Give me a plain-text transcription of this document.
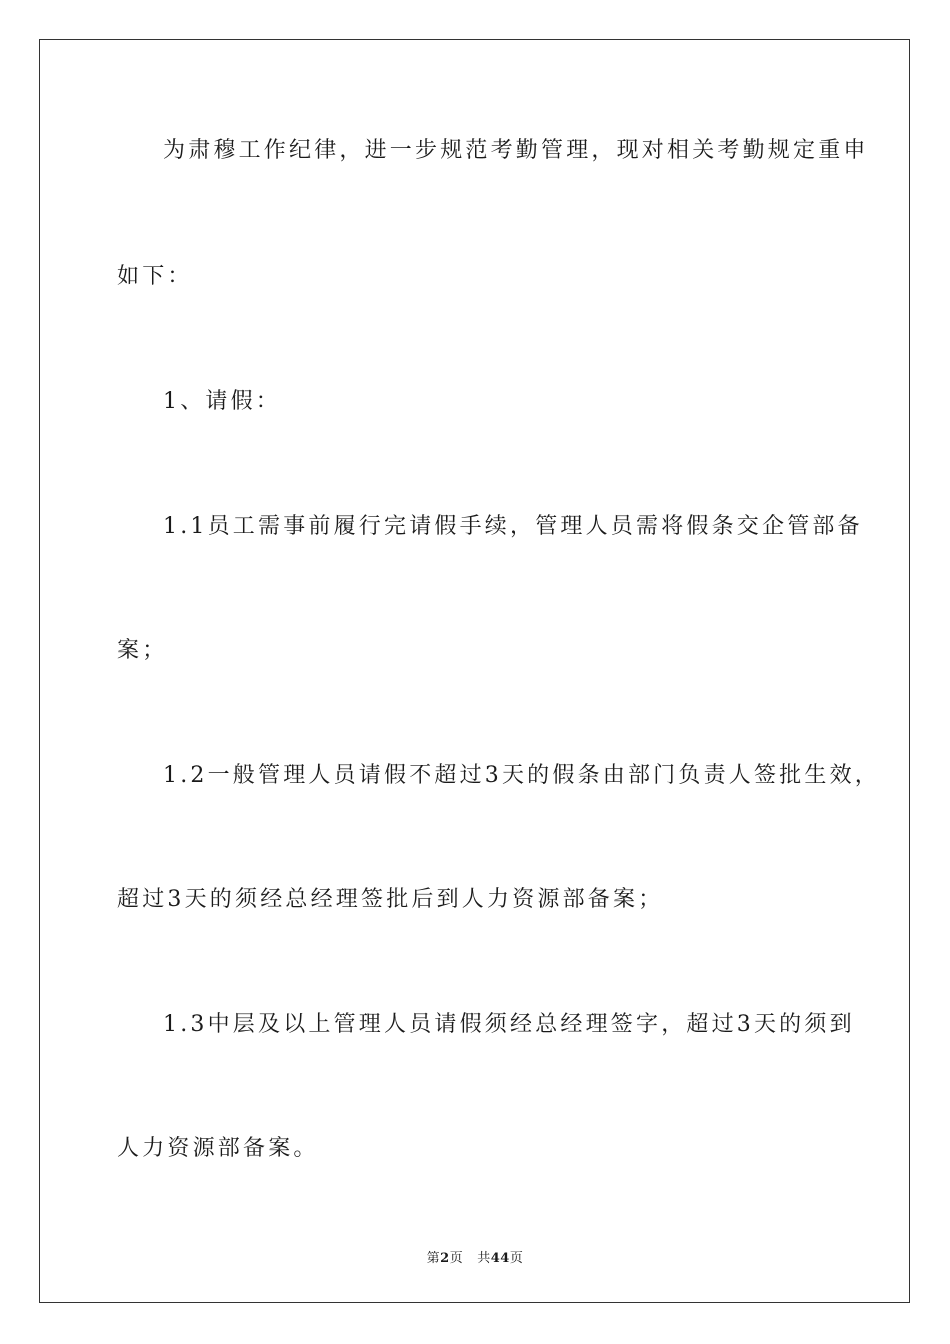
为肃穆工作纪律，进一步规范考勤管理，现对相关考勤规定重申
如下：
1、请假：
1.1员工需事前履行完请假手续，管理人员需将假条交企管部备
案；
1.2一般管理人员请假不超过3天的假条由部门负责人签批生效，
超过3天的须经总经理签批后到人力资源部备案；
1.3中层及以上管理人员请假须经总经理签字，超过3天的须到
人力资源部备案。
第2页 共44页
